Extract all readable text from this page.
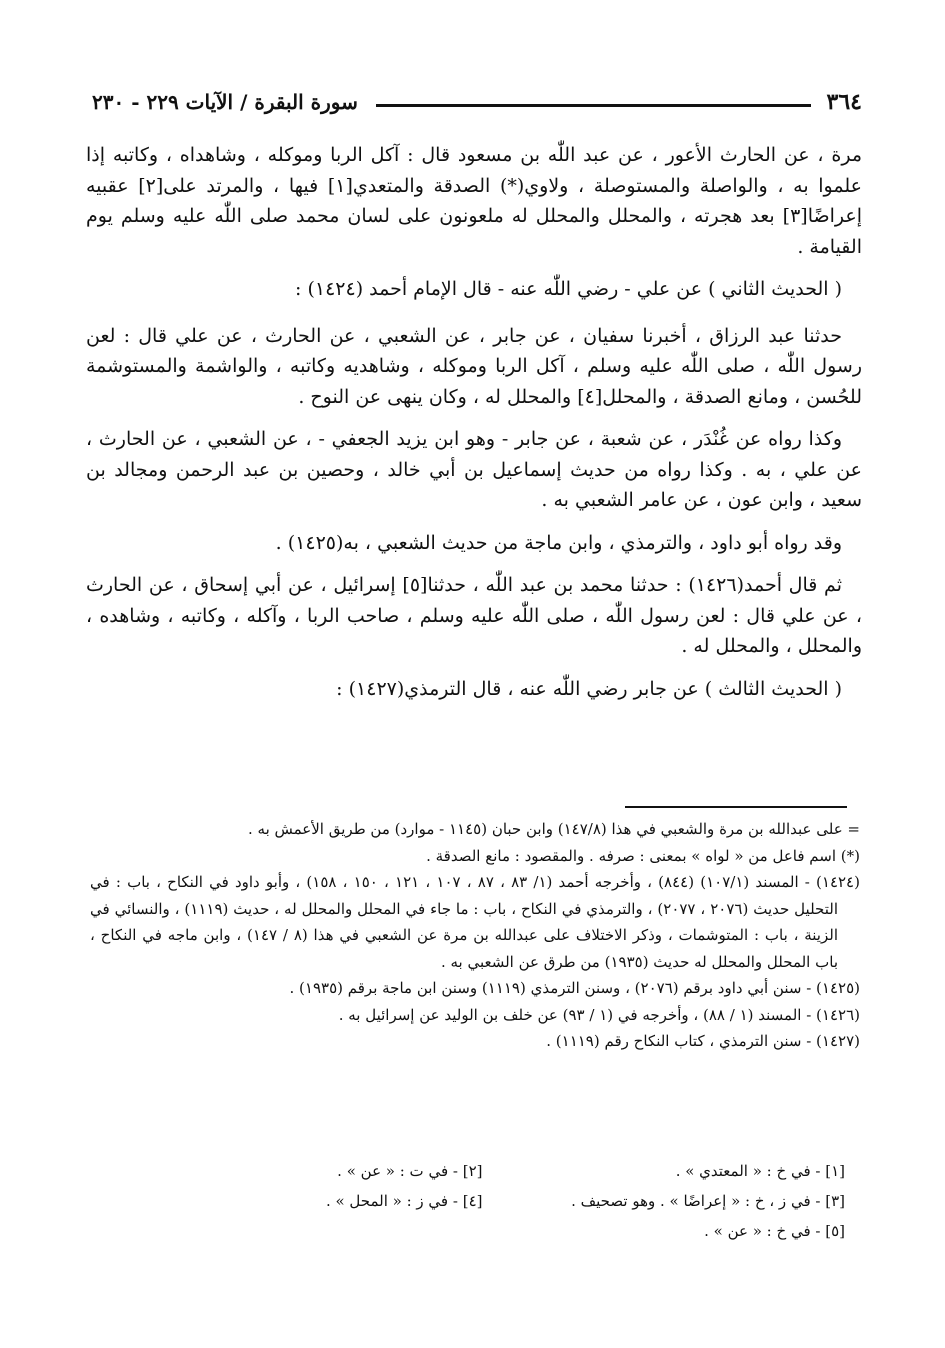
٣٦٤
سورة البقرة / الآيات ٢٢٩ - ٢٣٠

مرة ، عن الحارث الأعور ، عن عبد اللّٰه بن مسعود قال : آكل الربا وموكله ، وشاهداه ، وكاتبه إذا علموا به ، والواصلة والمستوصلة ، ولاوي(*) الصدقة والمتعدي[١] فيها ، والمرتد على[٢] عقبيه إعراضًا[٣] بعد هجرته ، والمحلل والمحلل له ملعونون على لسان محمد صلى اللّٰه عليه وسلم يوم القيامة .

( الحديث الثاني ) عن علي - رضي اللّٰه عنه - قال الإمام أحمد (١٤٢٤) :

حدثنا عبد الرزاق ، أخبرنا سفيان ، عن جابر ، عن الشعبي ، عن الحارث ، عن علي قال : لعن رسول اللّٰه ، صلى اللّٰه عليه وسلم ، آكل الربا وموكله ، وشاهديه وكاتبه ، والواشمة والمستوشمة للحُسن ، ومانع الصدقة ، والمحلل[٤] والمحلل له ، وكان ينهى عن النوح .

وكذا رواه عن غُنْدَر ، عن شعبة ، عن جابر - وهو ابن يزيد الجعفي - ، عن الشعبي ، عن الحارث ، عن علي ، به . وكذا رواه من حديث إسماعيل بن أبي خالد ، وحصين بن عبد الرحمن ومجالد بن سعيد ، وابن عون ، عن عامر الشعبي به .

وقد رواه أبو داود ، والترمذي ، وابن ماجة من حديث الشعبي ، به(١٤٢٥) .

ثم قال أحمد(١٤٢٦) : حدثنا محمد بن عبد اللّٰه ، حدثنا[٥] إسرائيل ، عن أبي إسحاق ، عن الحارث ، عن علي قال : لعن رسول اللّٰه ، صلى اللّٰه عليه وسلم ، صاحب الربا ، وآكله ، وكاتبه ، وشاهده ، والمحلل ، والمحلل له .

( الحديث الثالث ) عن جابر رضي اللّٰه عنه ، قال الترمذي(١٤٢٧) :

= على عبدالله بن مرة والشعبي في هذا (١٤٧/٨) وابن حبان (١١٤٥ - موارد) من طريق الأعمش به .

(*) اسم فاعل من « لواه » بمعنى : صرفه . والمقصود : مانع الصدقة .

(١٤٢٤) - المسند (١٠٧/١) (٨٤٤) ، وأخرجه أحمد (١/ ٨٣ ، ٨٧ ، ١٠٧ ، ١٢١ ، ١٥٠ ، ١٥٨) ، وأبو داود في النكاح ، باب : في التحليل حديث (٢٠٧٦ ، ٢٠٧٧) ، والترمذي في النكاح ، باب : ما جاء في المحلل والمحلل له ، حديث (١١١٩) ، والنسائي في الزينة ، باب : المتوشمات ، وذكر الاختلاف على عبدالله بن مرة عن الشعبي في هذا (٨ / ١٤٧) ، وابن ماجه في النكاح ، باب المحلل والمحلل له حديث (١٩٣٥) من طرق عن الشعبي به .

(١٤٢٥) - سنن أبي داود برقم (٢٠٧٦) ، وسنن الترمذي (١١١٩) وسنن ابن ماجة برقم (١٩٣٥) .

(١٤٢٦) - المسند (١ / ٨٨) ، وأخرجه في (١ / ٩٣) عن خلف بن الوليد عن إسرائيل به .

(١٤٢٧) - سنن الترمذي ، كتاب النكاح رقم (١١١٩) .

[١] - في خ : « المعتدي » .
[٢] - في ت : « عن » .
[٣] - في ز ، خ : « إعراضًا » . وهو تصحيف .
[٤] - في ز : « المحل » .
[٥] - في خ : « عن » .
